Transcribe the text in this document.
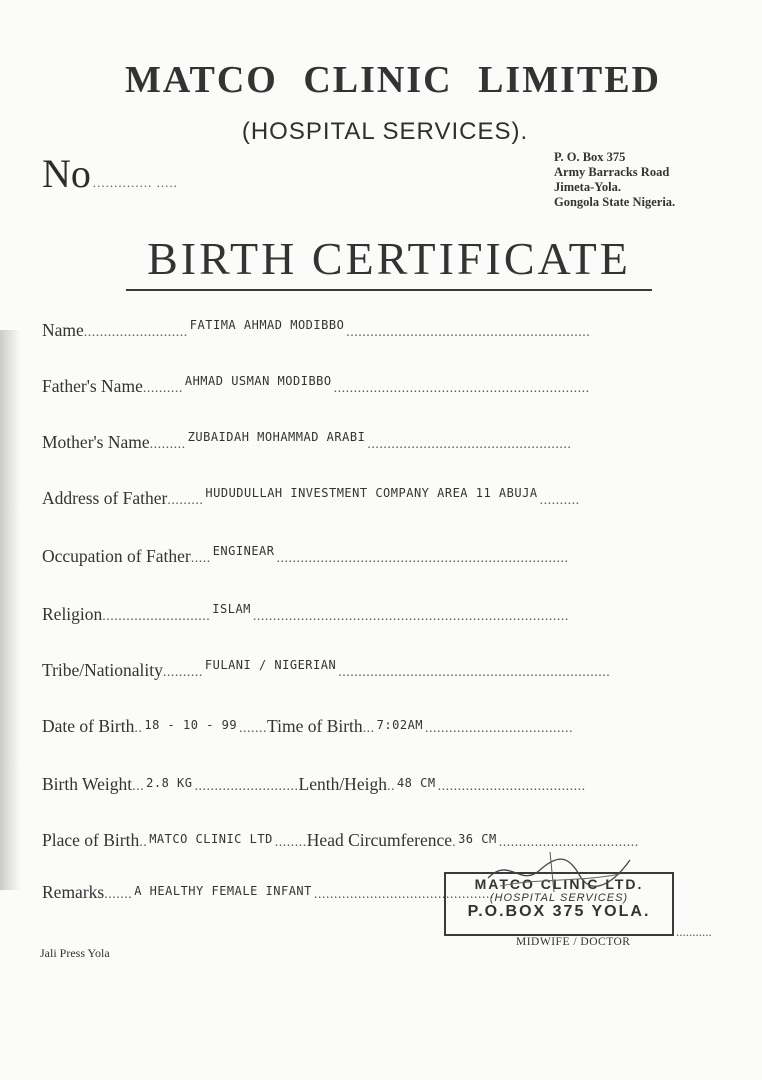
MATCO CLINIC LIMITED
(HOSPITAL SERVICES).
No .............. .....
P. O. Box 375
Army Barracks Road
Jimeta-Yola.
Gongola State Nigeria.
BIRTH CERTIFICATE
Name.......................... $^{FATIMA AHMAD MODIBBO}$ .............................................................
Father's Name.......... $^{AHMAD USMAN MODIBBO}$ ................................................................
Mother's Name......... $^{ZUBAIDAH MOHAMMAD ARABI}$ ...................................................
Address of Father......... $^{HUDUDULLAH INVESTMENT COMPANY AREA 11 ABUJA}$ ..........
Occupation of Father..... $^{ENGINEAR}$ .........................................................................
Religion........................... $^{ISLAM}$ ...............................................................................
Tribe/Nationality.......... $^{FULANI / NIGERIAN}$ ....................................................................
Date of Birth.. 18 - 10 - 99 .......Time of Birth... 7:02AM .....................................
Birth Weight... 2.8 KG ..........................Lenth/Heigh.. 48 CM .....................................
Place of Birth.. MATCO CLINIC LTD ........Head Circumference. 36 CM ...................................
Remarks....... A HEALTHY FEMALE INFANT .............................................
MATCO CLINIC LTD.
(HOSPITAL SERVICES)
P.O.BOX 375 YOLA.
...........
MIDWIFE / DOCTOR
Jali Press Yola
